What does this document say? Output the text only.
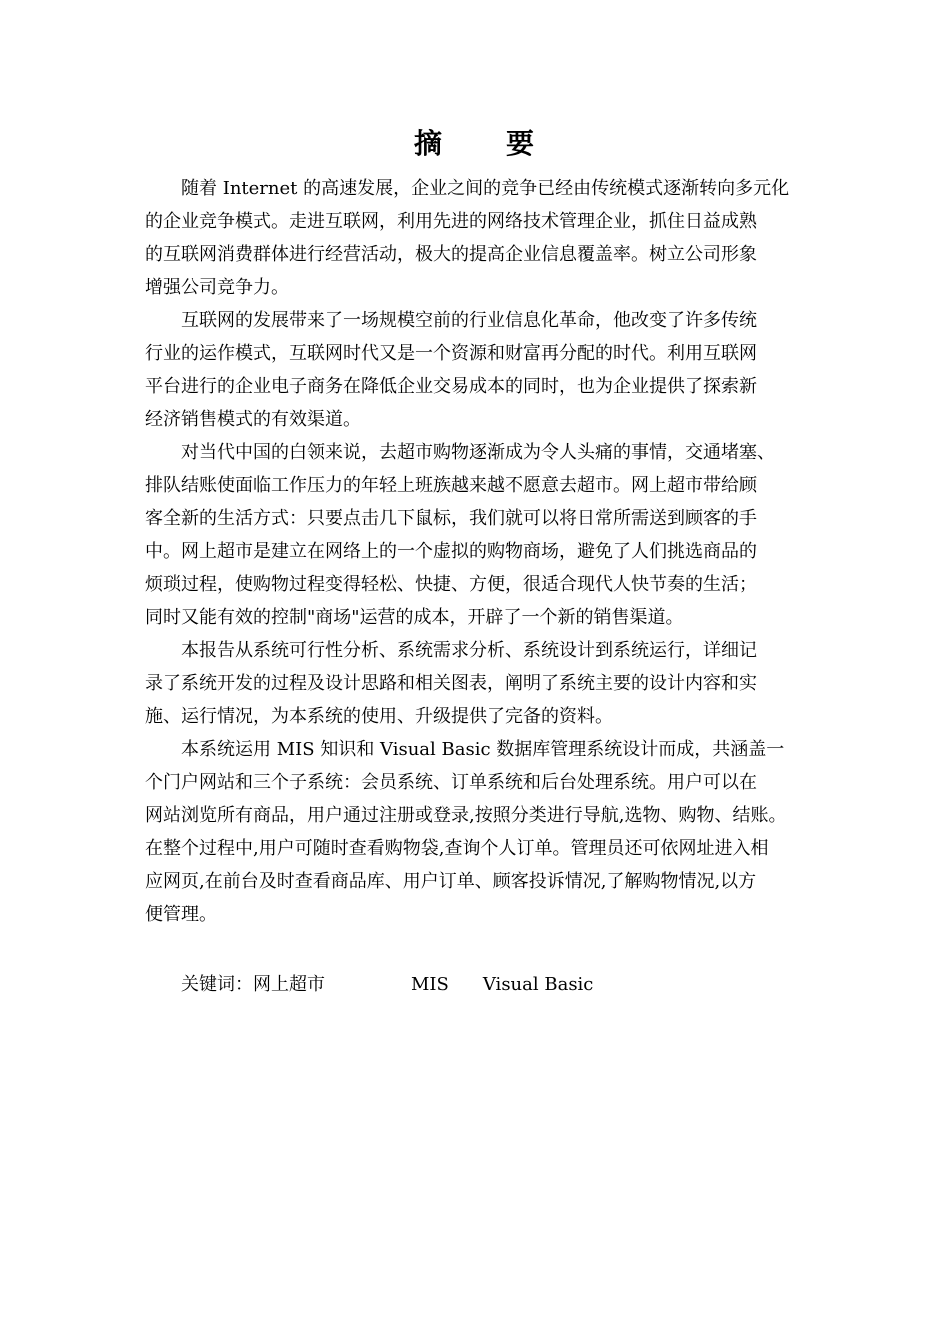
摘 要
随着 Internet 的高速发展，企业之间的竞争已经由传统模式逐渐转向多元化
的企业竞争模式。走进互联网，利用先进的网络技术管理企业，抓住日益成熟
的互联网消费群体进行经营活动，极大的提高企业信息覆盖率。树立公司形象
增强公司竞争力。
互联网的发展带来了一场规模空前的行业信息化革命，他改变了许多传统
行业的运作模式，互联网时代又是一个资源和财富再分配的时代。利用互联网
平台进行的企业电子商务在降低企业交易成本的同时，也为企业提供了探索新
经济销售模式的有效渠道。
对当代中国的白领来说，去超市购物逐渐成为令人头痛的事情，交通堵塞、
排队结账使面临工作压力的年轻上班族越来越不愿意去超市。网上超市带给顾
客全新的生活方式：只要点击几下鼠标，我们就可以将日常所需送到顾客的手
中。网上超市是建立在网络上的一个虚拟的购物商场，避免了人们挑选商品的
烦琐过程，使购物过程变得轻松、快捷、方便，很适合现代人快节奏的生活；
同时又能有效的控制"商场"运营的成本，开辟了一个新的销售渠道。
本报告从系统可行性分析、系统需求分析、系统设计到系统运行，详细记
录了系统开发的过程及设计思路和相关图表，阐明了系统主要的设计内容和实
施、运行情况，为本系统的使用、升级提供了完备的资料。
本系统运用 MIS 知识和 Visual Basic 数据库管理系统设计而成，共涵盖一
个门户网站和三个子系统：会员系统、订单系统和后台处理系统。用户可以在
网站浏览所有商品，用户通过注册或登录,按照分类进行导航,选物、购物、结账。
在整个过程中,用户可随时查看购物袋,查询个人订单。管理员还可依网址进入相
应网页,在前台及时查看商品库、用户订单、顾客投诉情况,了解购物情况,以方
便管理。
关键词：网上超市	MIS Visual Basic
